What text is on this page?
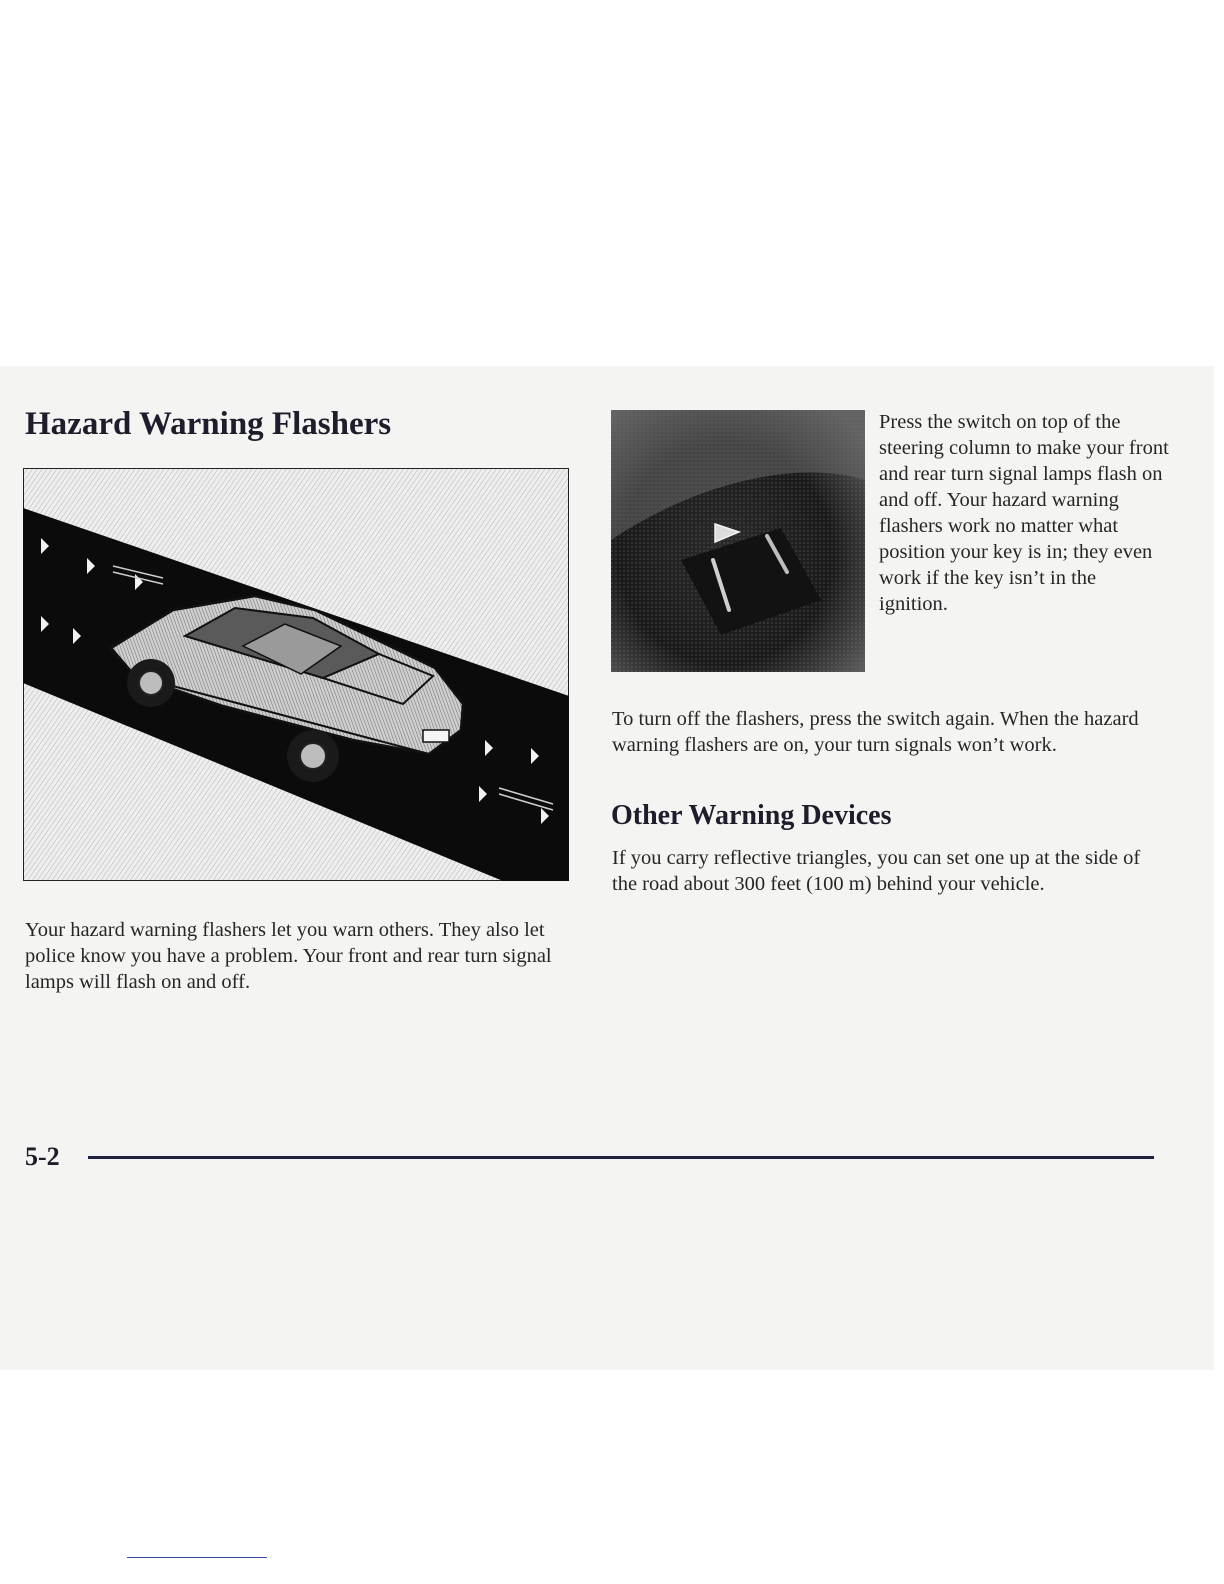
Hazard Warning Flashers	Press the switch on top of the steering column to make your front and rear turn signal lamps flash on and off. Your hazard warning flashers work no matter what position your key is in; they even work if the key isn’t in the ignition.

Your hazard warning flashers let you warn others. They also let police know you have a problem. Your front and rear turn signal lamps will flash on and off.

To turn off the flashers, press the switch again. When the hazard warning flashers are on, your turn signals won’t work.

Other Warning Devices

If you carry reflective triangles, you can set one up at the side of the road about 300 feet (100 m) behind your vehicle.

5-2
